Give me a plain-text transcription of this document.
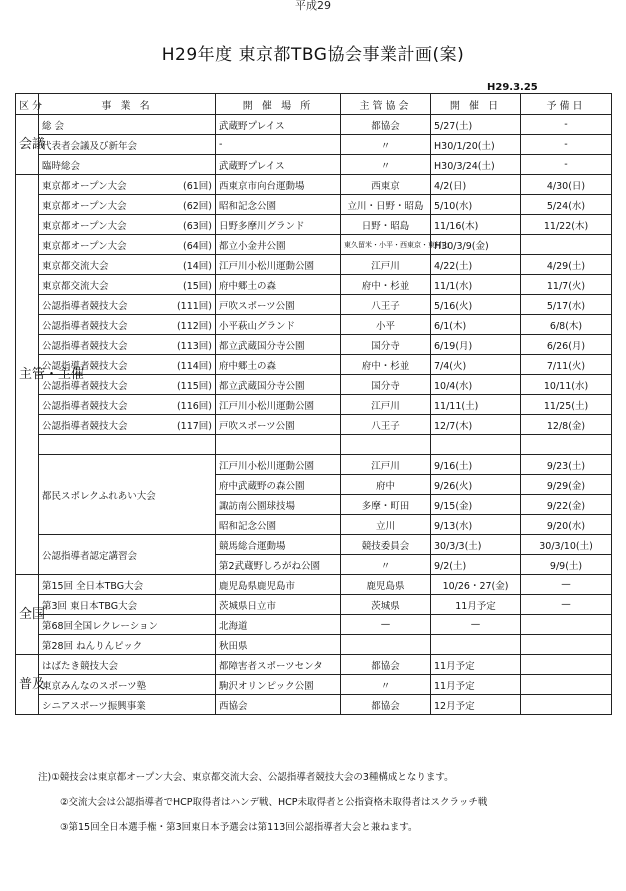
平成29
H29年度 東京都TBG協会事業計画(案)
H29.3.25
区分	事 業 名		開 催 場 所	主管協会	開 催 日	予備日
会議	総 会		武蔵野プレイス	都協会	5/27(土)	-
	代表者会議及び新年会		-	〃	H30/1/20(土)	-
	臨時総会		武蔵野プレイス	〃	H30/3/24(土)	-
主管・主催	東京都オープン大会	(61回)	西東京市向台運動場	西東京	4/2(日)	4/30(日)
	東京都オープン大会	(62回)	昭和記念公園	立川・日野・昭島	5/10(水)	5/24(水)
	東京都オープン大会	(63回)	日野多摩川グランド	日野・昭島	11/16(木)	11/22(木)
	東京都オープン大会	(64回)	都立小金井公園	東久留米・小平・西東京・東村山	H30/3/9(金)	
	東京都交流大会	(14回)	江戸川小松川運動公園	江戸川	4/22(土)	4/29(土)
	東京都交流大会	(15回)	府中郷土の森	府中・杉並	11/1(水)	11/7(火)
	公認指導者競技大会	(111回)	戸吹スポーツ公園	八王子	5/16(火)	5/17(水)
	公認指導者競技大会	(112回)	小平萩山グランド	小平	6/1(木)	6/8(木)
	公認指導者競技大会	(113回)	都立武蔵国分寺公園	国分寺	6/19(月)	6/26(月)
	公認指導者競技大会	(114回)	府中郷土の森	府中・杉並	7/4(火)	7/11(火)
	公認指導者競技大会	(115回)	都立武蔵国分寺公園	国分寺	10/4(水)	10/11(水)
	公認指導者競技大会	(116回)	江戸川小松川運動公園	江戸川	11/11(土)	11/25(土)
	公認指導者競技大会	(117回)	戸吹スポーツ公園	八王子	12/7(木)	12/8(金)

	都民スポレクふれあい大会		江戸川小松川運動公園	江戸川	9/16(土)	9/23(土)
			府中武蔵野の森公園	府中	9/26(火)	9/29(金)
			諏訪南公園球技場	多摩・町田	9/15(金)	9/22(金)
			昭和記念公園	立川	9/13(水)	9/20(水)
	公認指導者認定講習会		競馬総合運動場	競技委員会	30/3/3(土)	30/3/10(土)
			第2武蔵野しろがね公園	〃	9/2(土)	9/9(土)
全国	第15回 全日本TBG大会		鹿児島県鹿児島市	鹿児島県	10/26・27(金)	—
	第3回 東日本TBG大会		茨城県日立市	茨城県	11月予定	—
	第68回全国レクレーション		北海道	—	—	
	第28回 ねんりんピック		秋田県			
普及	はばたき競技大会		都障害者スポーツセンタ	都協会	11月予定	
	東京みんなのスポーツ塾		駒沢オリンピック公園	〃	11月予定	
	シニアスポーツ振興事業		西協会	都協会	12月予定	
注)①競技会は東京都オープン大会、東京都交流大会、公認指導者競技大会の3種構成となります。
②交流大会は公認指導者でHCP取得者はハンデ戦、HCP未取得者と公指資格未取得者はスクラッチ戦
③第15回全日本選手権・第3回東日本予選会は第113回公認指導者大会と兼ねます。
